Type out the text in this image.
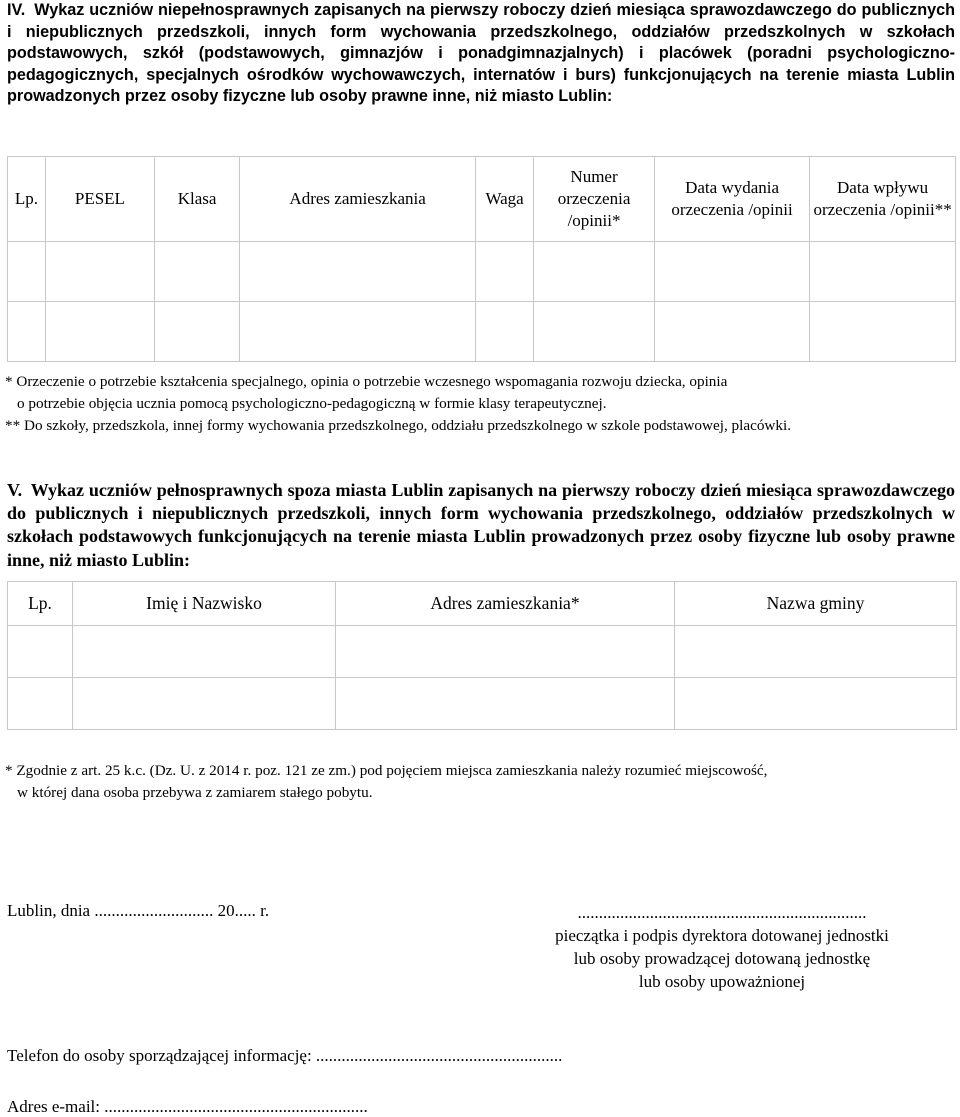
IV. Wykaz uczniów niepełnosprawnych zapisanych na pierwszy roboczy dzień miesiąca sprawozdawczego do publicznych i niepublicznych przedszkoli, innych form wychowania przedszkolnego, oddziałów przedszkolnych w szkołach podstawowych, szkół (podstawowych, gimnazjów i ponadgimnazjalnych) i placówek (poradni psychologiczno-pedagogicznych, specjalnych ośrodków wychowawczych, internatów i burs) funkcjonujących na terenie miasta Lublin prowadzonych przez osoby fizyczne lub osoby prawne inne, niż miasto Lublin:
Lp.	PESEL	Klasa	Adres zamieszkania	Waga	Numer orzeczenia /opinii*	Data wydania orzeczenia /opinii	Data wpływu orzeczenia /opinii**

* Orzeczenie o potrzebie kształcenia specjalnego, opinia o potrzebie wczesnego wspomagania rozwoju dziecka, opinia
o potrzebie objęcia ucznia pomocą psychologiczno-pedagogiczną w formie klasy terapeutycznej.
** Do szkoły, przedszkola, innej formy wychowania przedszkolnego, oddziału przedszkolnego w szkole podstawowej, placówki.
V. Wykaz uczniów pełnosprawnych spoza miasta Lublin zapisanych na pierwszy roboczy dzień miesiąca sprawozdawczego do publicznych i niepublicznych przedszkoli, innych form wychowania przedszkolnego, oddziałów przedszkolnych w szkołach podstawowych funkcjonujących na terenie miasta Lublin prowadzonych przez osoby fizyczne lub osoby prawne inne, niż miasto Lublin:
Lp.	Imię i Nazwisko	Adres zamieszkania*	Nazwa gminy

* Zgodnie z art. 25 k.c. (Dz. U. z 2014 r. poz. 121 ze zm.) pod pojęciem miejsca zamieszkania należy rozumieć miejscowość,
w której dana osoba przebywa z zamiarem stałego pobytu.
Lublin, dnia ............................ 20..... r.	....................................................................
pieczątka i podpis dyrektora dotowanej jednostki
lub osoby prowadzącej dotowaną jednostkę
lub osoby upoważnionej
Telefon do osoby sporządzającej informację: ..........................................................
Adres e-mail: ..............................................................
